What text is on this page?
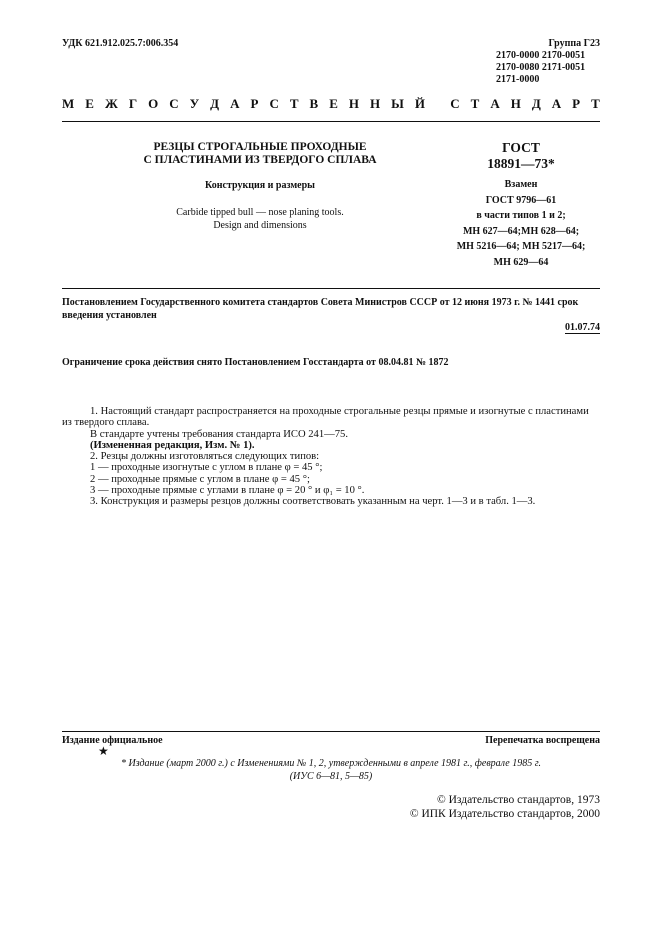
УДК 621.912.025.7:006.354	Группа Г23
2170-0000 2170-0051
2170-0080 2171-0051
2171-0000
М Е Ж Г О С У Д А Р С Т В Е Н Н Ы Й
С Т А Н Д А Р Т
РЕЗЦЫ СТРОГАЛЬНЫЕ ПРОХОДНЫЕ
С ПЛАСТИНАМИ ИЗ ТВЕРДОГО СПЛАВА
Конструкция и размеры
Carbide tipped bull — nose planing tools.
Design and dimensions
ГОСТ
18891—73*
Взамен
ГОСТ 9796—61
в части типов 1 и 2;
МН 627—64;МН 628—64;
МН 5216—64; МН 5217—64;
МН 629—64
Постановлением Государственного комитета стандартов Совета Министров СССР от 12 июня 1973 г. № 1441 срок введения установлен
01.07.74
Ограничение срока действия снято Постановлением Госстандарта от 08.04.81 № 1872

1. Настоящий стандарт распространяется на проходные строгальные резцы прямые и изогнутые с пластинами из твердого сплава.

В стандарте учтены требования стандарта ИСО 241—75.

(Измененная редакция, Изм. № 1).

2. Резцы должны изготовляться следующих типов:

1 — проходные изогнутые с углом в плане φ = 45 °;

2 — проходные прямые с углом в плане φ = 45 °;

3 — проходные прямые с углами в плане φ = 20 ° и φ₁ = 10 °.

3. Конструкция и размеры резцов должны соответствовать указанным на черт. 1—3 и в табл. 1—3.

Издание официальное	Перепечатка воспрещена
★
* Издание (март 2000 г.) с Изменениями № 1, 2, утвержденными в апреле 1981 г., феврале 1985 г.
(ИУС 6—81, 5—85)
© Издательство стандартов, 1973
© ИПК Издательство стандартов, 2000
